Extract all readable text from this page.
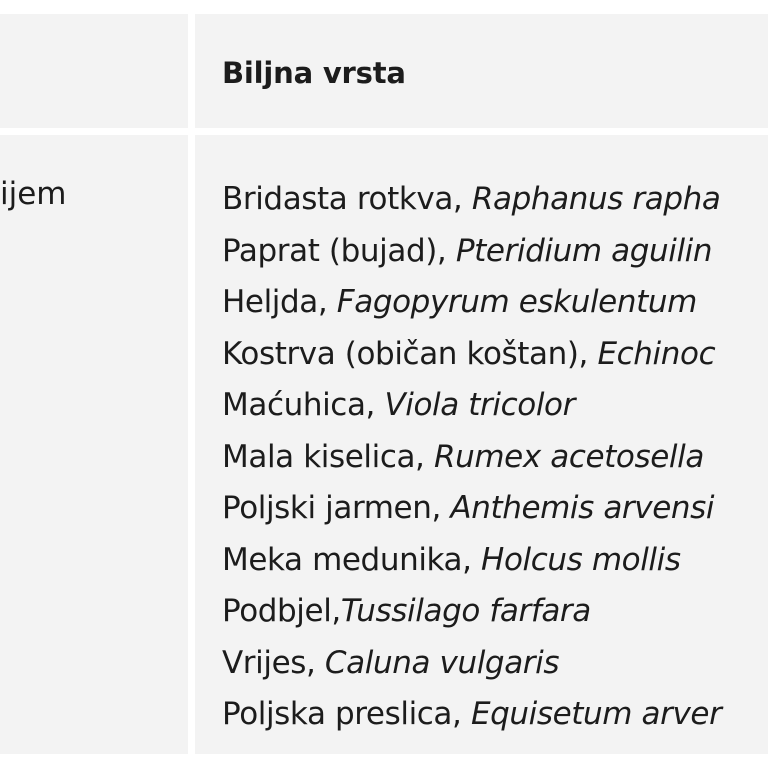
Biljna vrsta
ijem	Bridasta rotkva, Raphanus rapha
Paprat (bujad), Pteridium aguilin
Heljda, Fagopyrum eskulentum
Kostrva (običan koštan), Echinoc
Maćuhica, Viola tricolor
Mala kiselica, Rumex acetosella
Poljski jarmen, Anthemis arvensi
Meka medunika, Holcus mollis
Podbjel,Tussilago farfara
Vrijes, Caluna vulgaris
Poljska preslica, Equisetum arver
